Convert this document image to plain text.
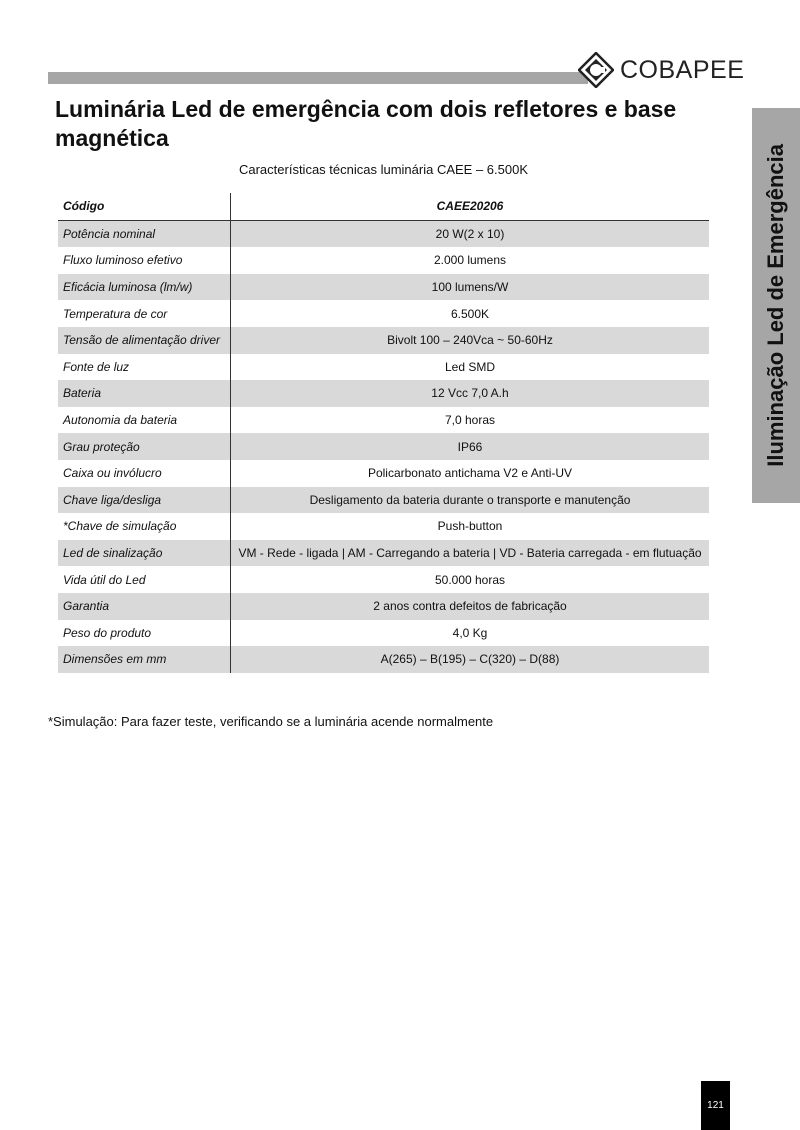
COBAPEE
Iluminação Led de Emergência
Luminária Led de emergência com dois refletores e base magnética
Características técnicas luminária CAEE – 6.500K
Código	CAEE20206
Potência nominal	20 W(2 x 10)
Fluxo luminoso efetivo	2.000 lumens
Eficácia luminosa (lm/w)	100 lumens/W
Temperatura de cor	6.500K
Tensão de alimentação driver	Bivolt 100 – 240Vca ~ 50-60Hz
Fonte de luz	Led SMD
Bateria	12 Vcc 7,0 A.h
Autonomia da bateria	7,0 horas
Grau proteção	IP66
Caixa ou invólucro	Policarbonato antichama V2 e Anti-UV
Chave liga/desliga	Desligamento da bateria durante o transporte e manutenção
*Chave de simulação	Push-button
Led de sinalização	VM - Rede - ligada | AM - Carregando a bateria | VD - Bateria carregada - em flutuação
Vida útil do Led	50.000 horas
Garantia	2 anos contra defeitos de fabricação
Peso do produto	4,0 Kg
Dimensões em mm	A(265) – B(195) – C(320) – D(88)
*Simulação: Para fazer teste, verificando se a luminária acende normalmente
121
